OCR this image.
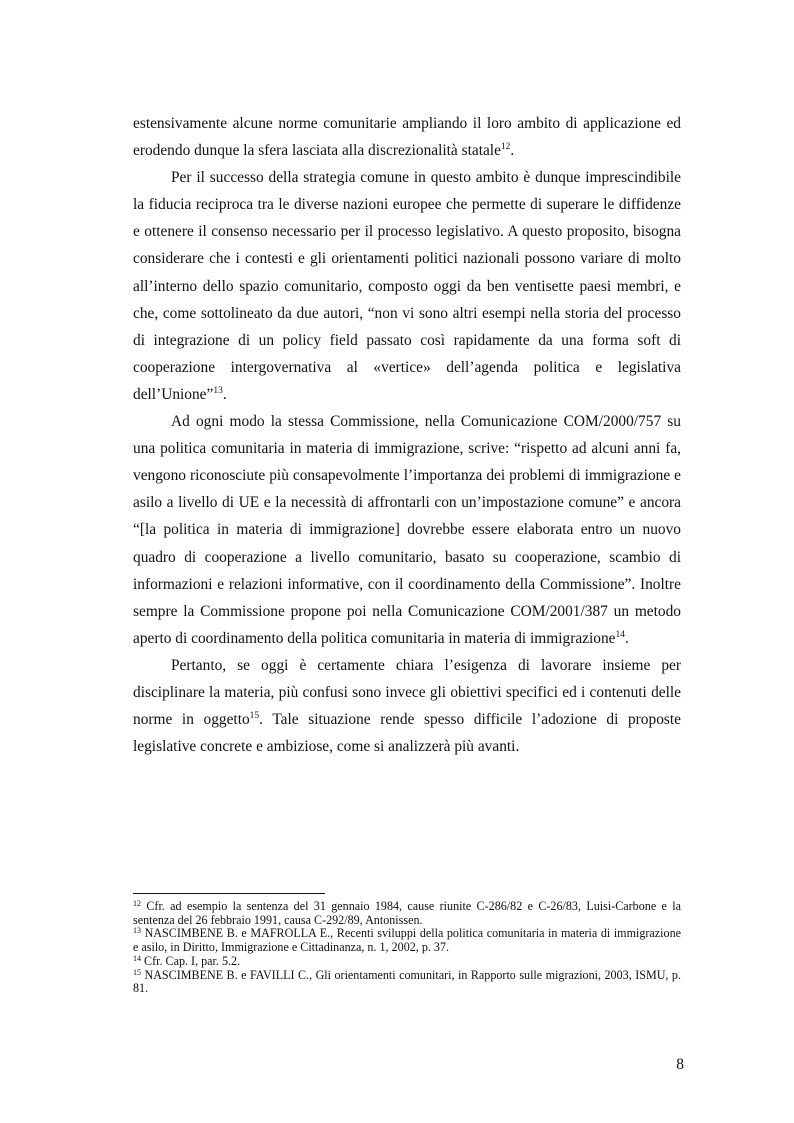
estensivamente alcune norme comunitarie ampliando il loro ambito di applicazione ed erodendo dunque la sfera lasciata alla discrezionalità statale$^{12}$.

Per il successo della strategia comune in questo ambito è dunque imprescindibile la fiducia reciproca tra le diverse nazioni europee che permette di superare le diffidenze e ottenere il consenso necessario per il processo legislativo. A questo proposito, bisogna considerare che i contesti e gli orientamenti politici nazionali possono variare di molto all’interno dello spazio comunitario, composto oggi da ben ventisette paesi membri, e che, come sottolineato da due autori, “non vi sono altri esempi nella storia del processo di integrazione di un policy field passato così rapidamente da una forma soft di cooperazione intergovernativa al «vertice» dell’agenda politica e legislativa dell’Unione”$^{13}$.

Ad ogni modo la stessa Commissione, nella Comunicazione COM/2000/757 su una politica comunitaria in materia di immigrazione, scrive: “rispetto ad alcuni anni fa, vengono riconosciute più consapevolmente l’importanza dei problemi di immigrazione e asilo a livello di UE e la necessità di affrontarli con un’impostazione comune” e ancora “[la politica in materia di immigrazione] dovrebbe essere elaborata entro un nuovo quadro di cooperazione a livello comunitario, basato su cooperazione, scambio di informazioni e relazioni informative, con il coordinamento della Commissione”. Inoltre sempre la Commissione propone poi nella Comunicazione COM/2001/387 un metodo aperto di coordinamento della politica comunitaria in materia di immigrazione$^{14}$.

Pertanto, se oggi è certamente chiara l’esigenza di lavorare insieme per disciplinare la materia, più confusi sono invece gli obiettivi specifici ed i contenuti delle norme in oggetto$^{15}$. Tale situazione rende spesso difficile l’adozione di proposte legislative concrete e ambiziose, come si analizzerà più avanti.

$^{12}$ Cfr. ad esempio la sentenza del 31 gennaio 1984, cause riunite C-286/82 e C-26/83, Luisi-Carbone e la sentenza del 26 febbraio 1991, causa C-292/89, Antonissen.

$^{13}$ NASCIMBENE B. e MAFROLLA E., Recenti sviluppi della politica comunitaria in materia di immigrazione e asilo, in Diritto, Immigrazione e Cittadinanza, n. 1, 2002, p. 37.

$^{14}$ Cfr. Cap. I, par. 5.2.

$^{15}$ NASCIMBENE B. e FAVILLI C., Gli orientamenti comunitari, in Rapporto sulle migrazioni, 2003, ISMU, p. 81.

8
